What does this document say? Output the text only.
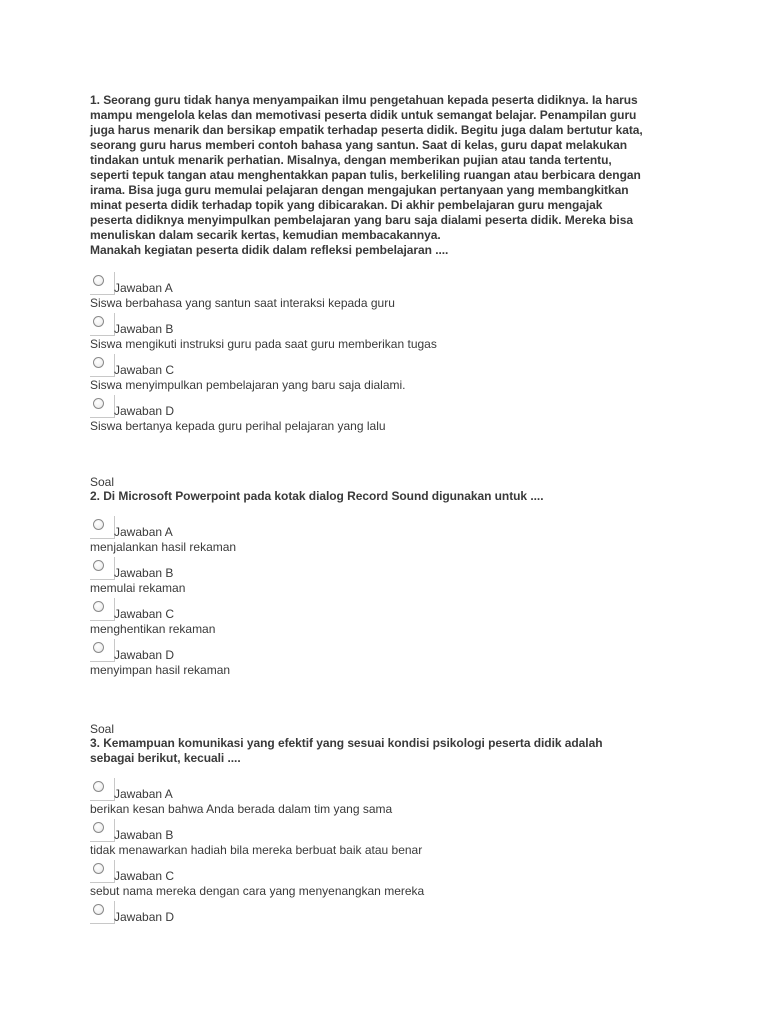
1. Seorang guru tidak hanya menyampaikan ilmu pengetahuan kepada peserta didiknya. Ia harus
mampu mengelola kelas dan memotivasi peserta didik untuk semangat belajar. Penampilan guru
juga harus menarik dan bersikap empatik terhadap peserta didik. Begitu juga dalam bertutur kata,
seorang guru harus memberi contoh bahasa yang santun. Saat di kelas, guru dapat melakukan
tindakan untuk menarik perhatian. Misalnya, dengan memberikan pujian atau tanda tertentu,
seperti tepuk tangan atau menghentakkan papan tulis, berkeliling ruangan atau berbicara dengan
irama. Bisa juga guru memulai pelajaran dengan mengajukan pertanyaan yang membangkitkan
minat peserta didik terhadap topik yang dibicarakan. Di akhir pembelajaran guru mengajak
peserta didiknya menyimpulkan pembelajaran yang baru saja dialami peserta didik. Mereka bisa
menuliskan dalam secarik kertas, kemudian membacakannya.
Manakah kegiatan peserta didik dalam refleksi pembelajaran ....

Jawaban A
Siswa berbahasa yang santun saat interaksi kepada guru
Jawaban B
Siswa mengikuti instruksi guru pada saat guru memberikan tugas
Jawaban C
Siswa menyimpulkan pembelajaran yang baru saja dialami.
Jawaban D
Siswa bertanya kepada guru perihal pelajaran yang lalu

Soal

2. Di Microsoft Powerpoint pada kotak dialog Record Sound digunakan untuk ....

Jawaban A
menjalankan hasil rekaman
Jawaban B
memulai rekaman
Jawaban C
menghentikan rekaman
Jawaban D
menyimpan hasil rekaman

Soal

3. Kemampuan komunikasi yang efektif yang sesuai kondisi psikologi peserta didik adalah
sebagai berikut, kecuali ....

Jawaban A
berikan kesan bahwa Anda berada dalam tim yang sama
Jawaban B
tidak menawarkan hadiah bila mereka berbuat baik atau benar
Jawaban C
sebut nama mereka dengan cara yang menyenangkan mereka
Jawaban D
